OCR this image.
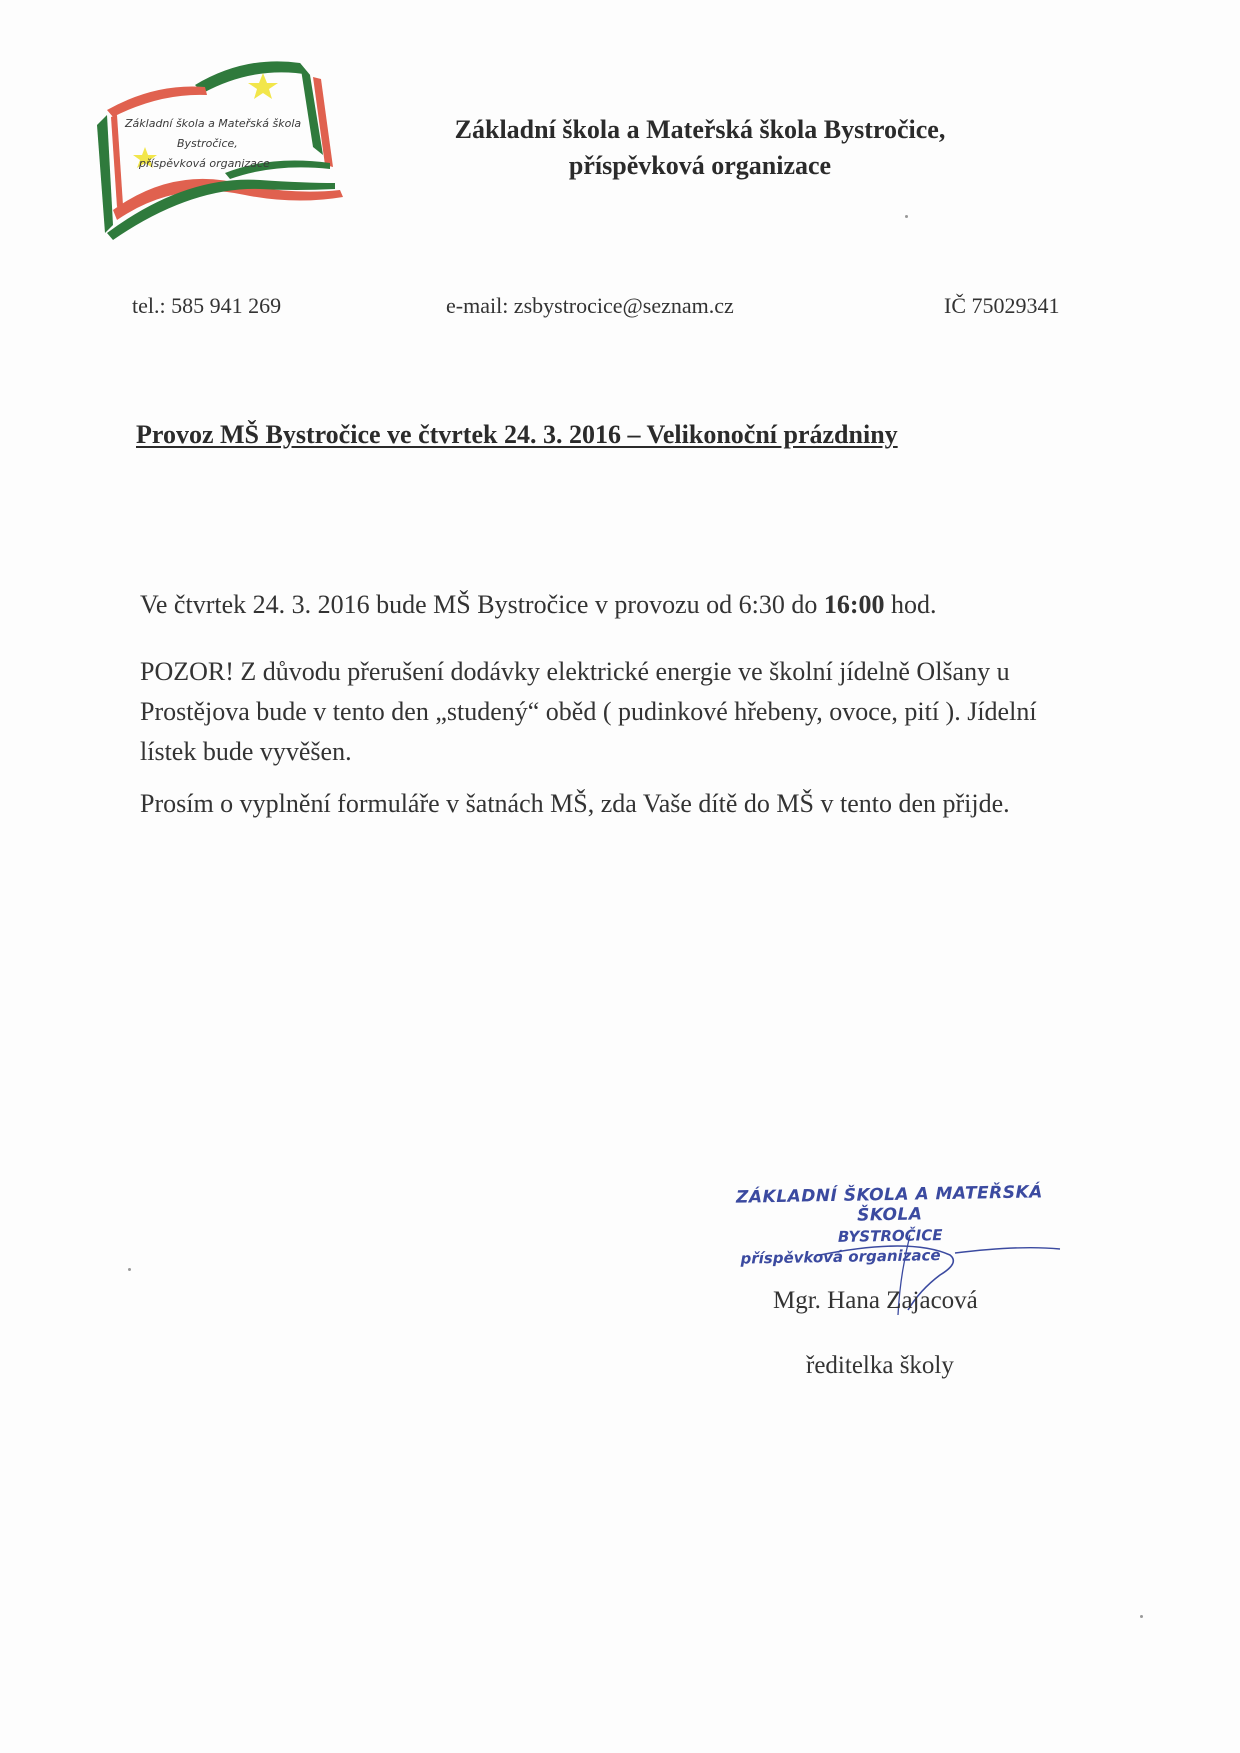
Základní škola a Mateřská škola
Bystročice,
příspěvková organizace
Základní škola a Mateřská škola Bystročice,
příspěvková organizace
tel.: 585 941 269	e-mail: zsbystrocice@seznam.cz	IČ 75029341
Provoz MŠ Bystročice ve čtvrtek 24. 3. 2016 – Velikonoční prázdniny
Ve čtvrtek 24. 3. 2016 bude MŠ Bystročice v provozu od 6:30 do 16:00 hod.
POZOR! Z důvodu přerušení dodávky elektrické energie ve školní jídelně Olšany u Prostějova bude v tento den „studený“ oběd ( pudinkové hřebeny, ovoce, pití ). Jídelní lístek bude vyvěšen.
Prosím o vyplnění formuláře v šatnách MŠ, zda Vaše dítě do MŠ v tento den přijde.
ZÁKLADNÍ ŠKOLA A MATEŘSKÁ ŠKOLA
BYSTROČICE
příspěvková organizace
Mgr. Hana Zajacová
ředitelka školy
